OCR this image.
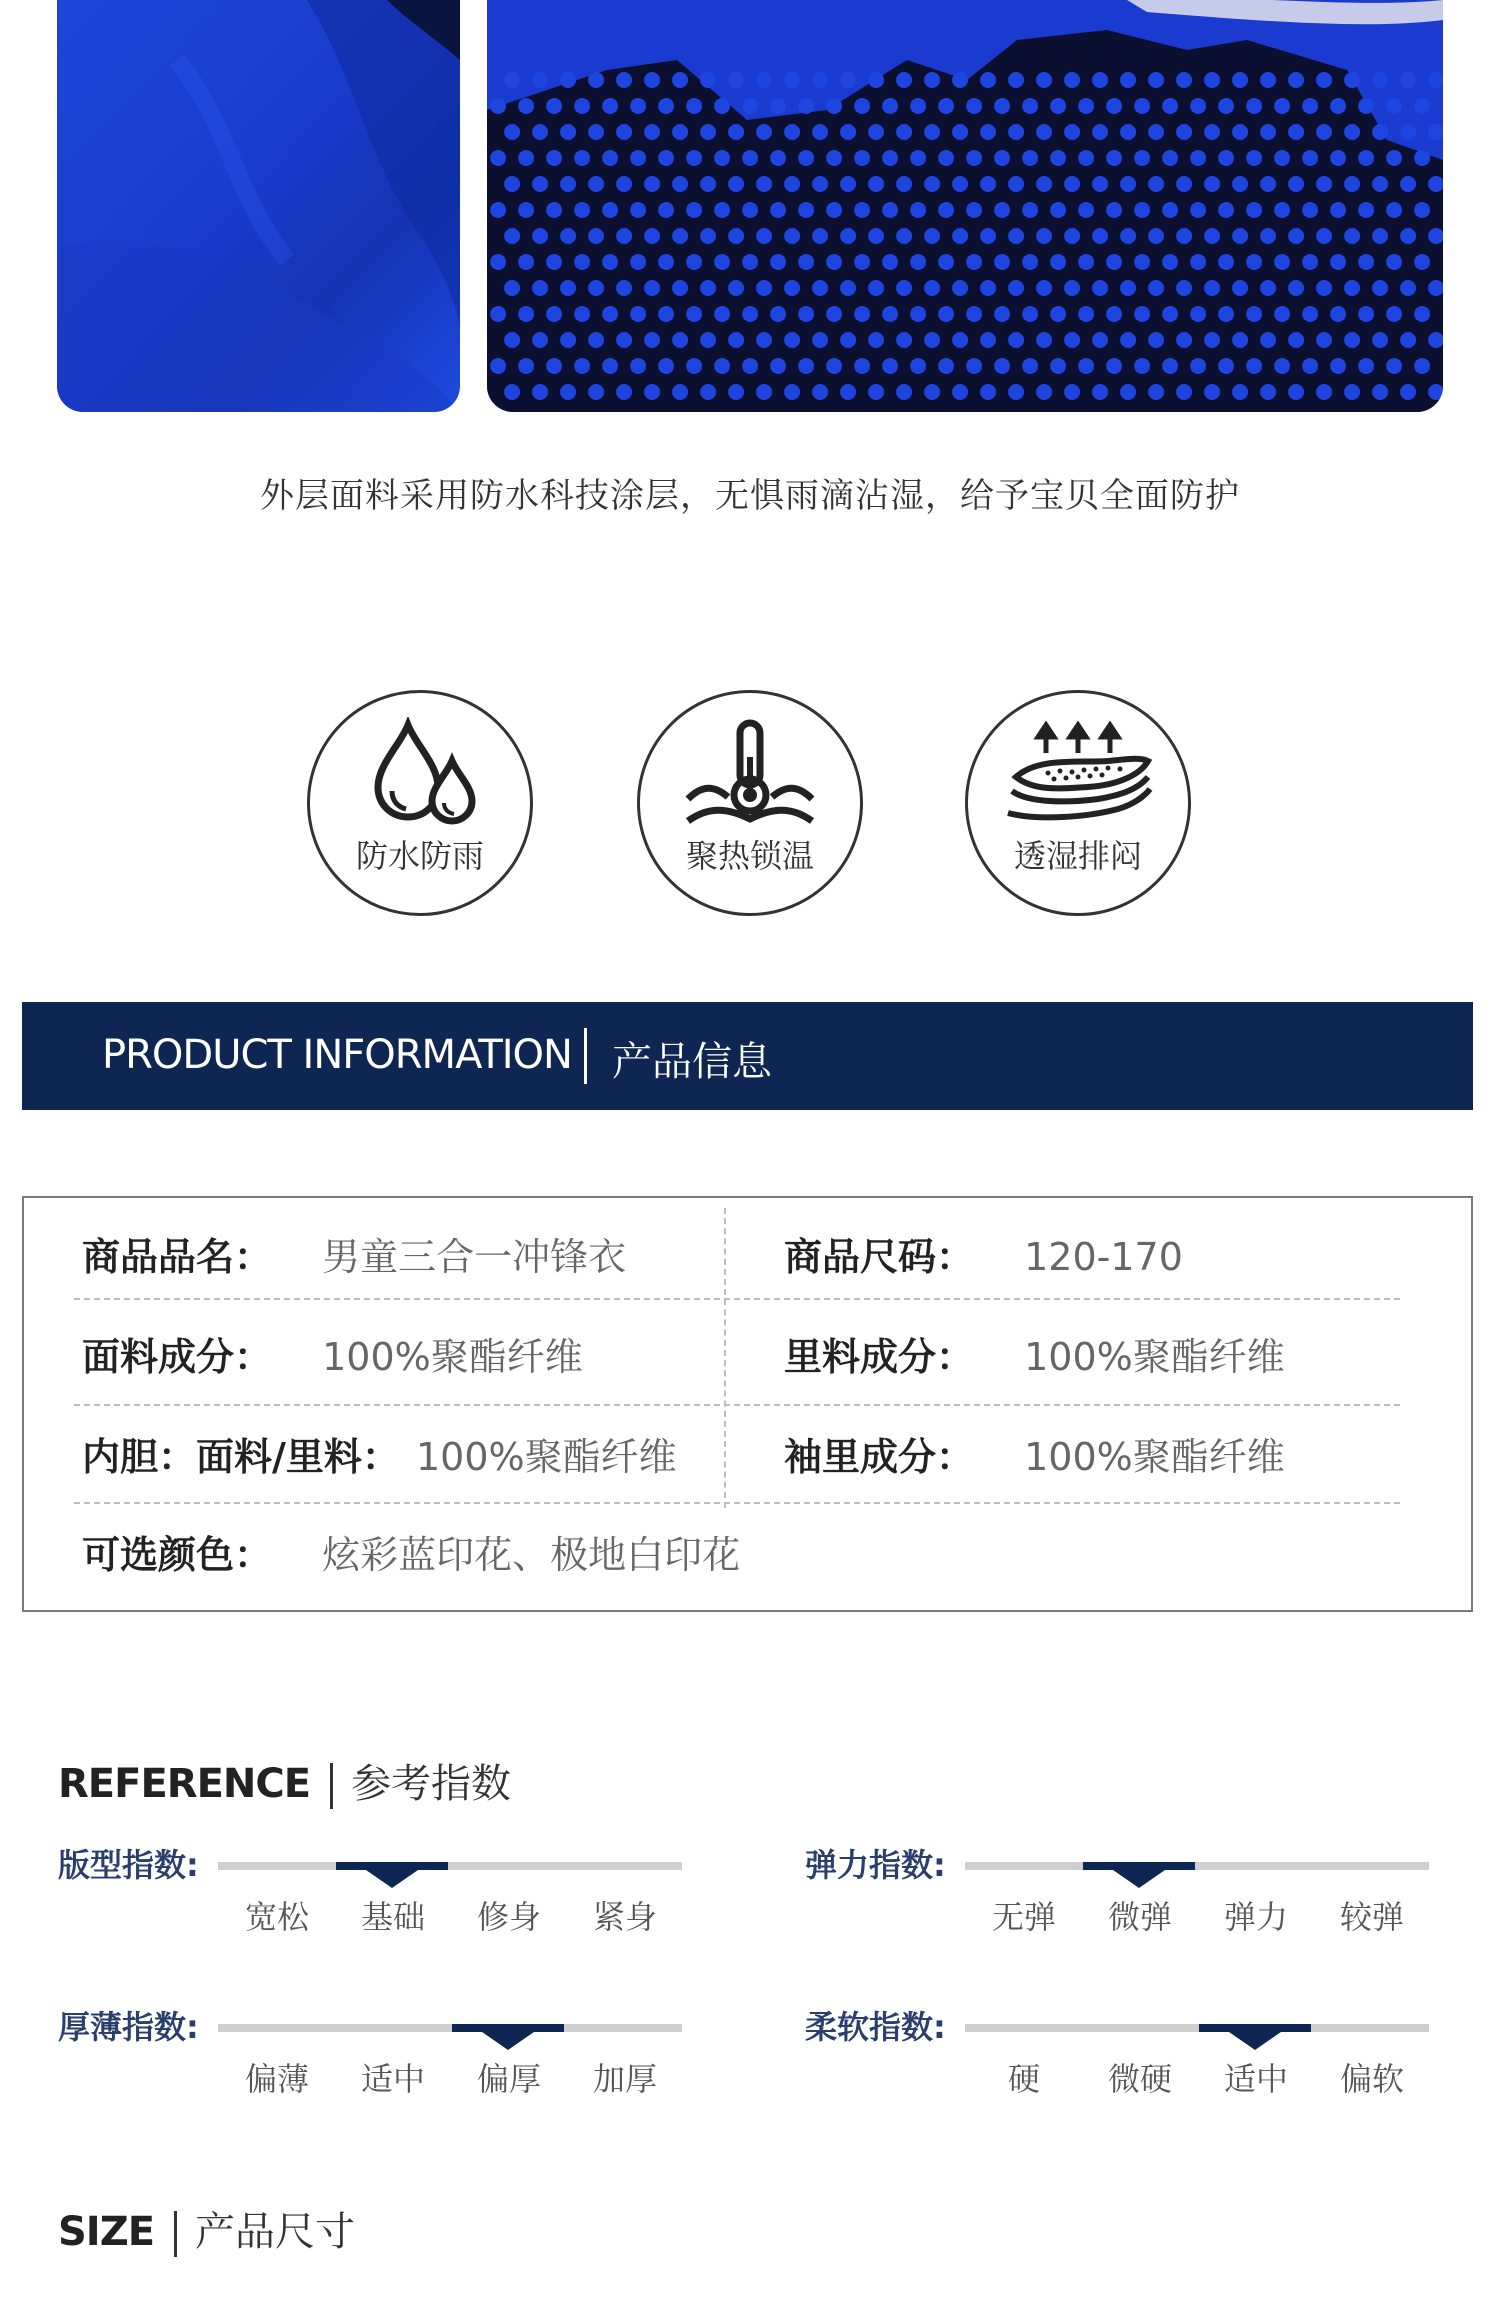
外层面料采用防水科技涂层，无惧雨滴沾湿，给予宝贝全面防护
防水防雨	聚热锁温	透湿排闷
PRODUCT INFORMATION 产品信息
商品品名： 男童三合一冲锋衣	商品尺码： 120-170
面料成分： 100%聚酯纤维	里料成分： 100%聚酯纤维
内胆：面料/里料： 100%聚酯纤维	袖里成分： 100%聚酯纤维
可选颜色： 炫彩蓝印花、极地白印花
REFERENCE 参考指数
版型指数:
宽松	基础	修身	紧身
弹力指数:
无弹	微弹	弹力	较弹
厚薄指数:
偏薄	适中	偏厚	加厚
柔软指数:
硬	微硬	适中	偏软
SIZE 产品尺寸
